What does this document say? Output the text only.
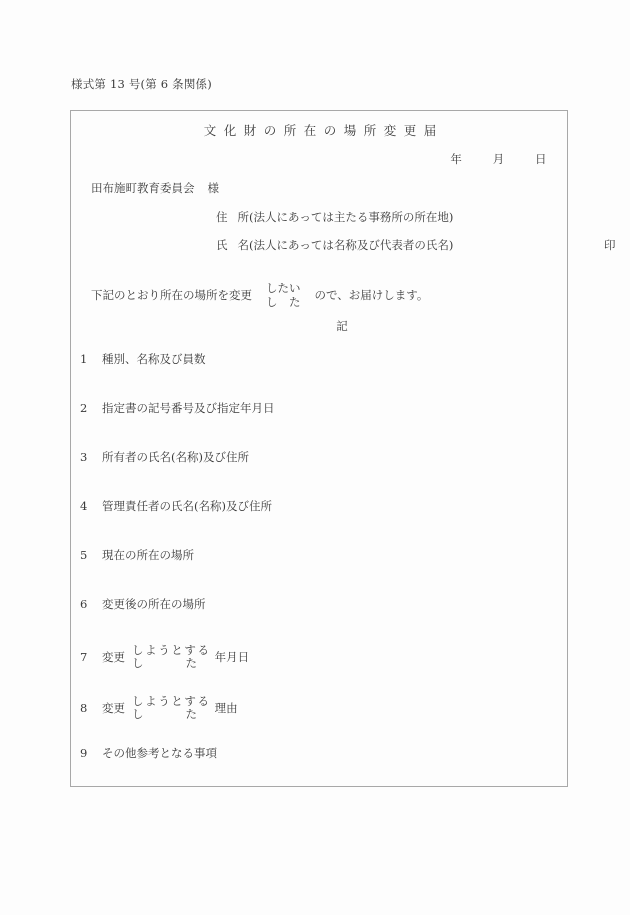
様式第 13 号(第 6 条関係)
文化財の所在の場所変更届
年	月	日
田布施町教育委員会 様
住 所(法人にあっては主たる事務所の所在地)
氏 名(法人にあっては名称及び代表者の氏名)	印
下記のとおり所在の場所を変更 したい
し　た ので、お届けします。
記
1	種別、名称及び員数
2	指定書の記号番号及び指定年月日
3	所有者の氏名(名称)及び住所
4	管理責任者の氏名(名称)及び住所
5	現在の所在の場所
6	変更後の所在の場所
7	変更 しようとする
し	た	年月日
8	変更 しようとする
し	た	理由
9	その他参考となる事項
